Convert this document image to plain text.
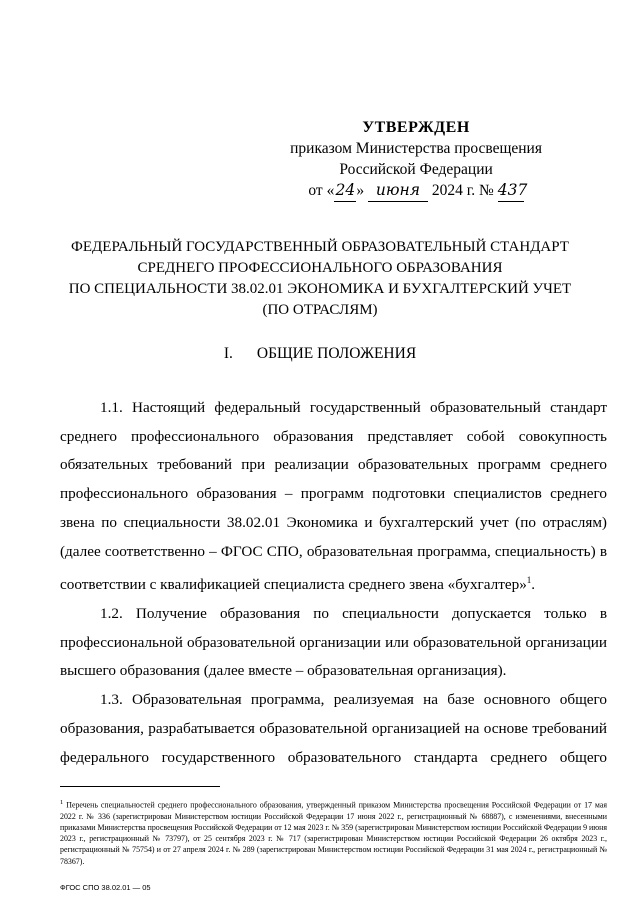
УТВЕРЖДЕН
приказом Министерства просвещения
Российской Федерации
от «24» июня 2024 г. № 437
ФЕДЕРАЛЬНЫЙ ГОСУДАРСТВЕННЫЙ ОБРАЗОВАТЕЛЬНЫЙ СТАНДАРТ
СРЕДНЕГО ПРОФЕССИОНАЛЬНОГО ОБРАЗОВАНИЯ
ПО СПЕЦИАЛЬНОСТИ 38.02.01 ЭКОНОМИКА И БУХГАЛТЕРСКИЙ УЧЕТ
(ПО ОТРАСЛЯМ)
I. ОБЩИЕ ПОЛОЖЕНИЯ

1.1. Настоящий федеральный государственный образовательный стандарт среднего профессионального образования представляет собой совокупность обязательных требований при реализации образовательных программ среднего профессионального образования – программ подготовки специалистов среднего звена по специальности 38.02.01 Экономика и бухгалтерский учет (по отраслям) (далее соответственно – ФГОС СПО, образовательная программа, специальность) в соответствии с квалификацией специалиста среднего звена «бухгалтер»$^1$.

1.2. Получение образования по специальности допускается только в профессиональной образовательной организации или образовательной организации высшего образования (далее вместе – образовательная организация).

1.3. Образовательная программа, реализуемая на базе основного общего образования, разрабатывается образовательной организацией на основе требований федерального государственного образовательного стандарта среднего общего

$^1$ Перечень специальностей среднего профессионального образования, утвержденный приказом Министерства просвещения Российской Федерации от 17 мая 2022 г. № 336 (зарегистрирован Министерством юстиции Российской Федерации 17 июня 2022 г., регистрационный № 68887), с изменениями, внесенными приказами Министерства просвещения Российской Федерации от 12 мая 2023 г. № 359 (зарегистрирован Министерством юстиции Российской Федерации 9 июня 2023 г., регистрационный № 73797), от 25 сентября 2023 г. № 717 (зарегистрирован Министерством юстиции Российской Федерации 26 октября 2023 г., регистрационный № 75754) и от 27 апреля 2024 г. № 289 (зарегистрирован Министерством юстиции Российской Федерации 31 мая 2024 г., регистрационный № 78367).
ФГОС СПО 38.02.01 — 05
